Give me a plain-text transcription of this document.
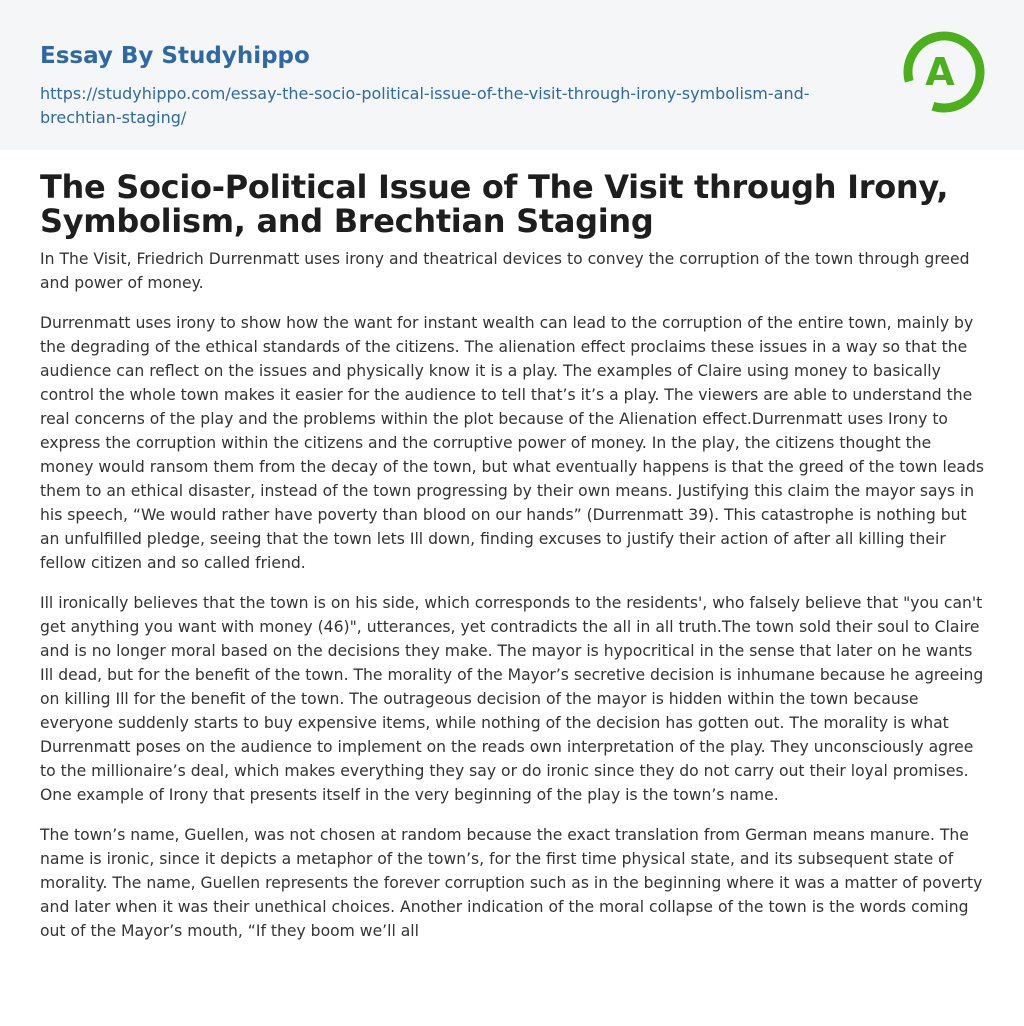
Essay By Studyhippo
https://studyhippo.com/essay-the-socio-political-issue-of-the-visit-through-irony-symbolism-and-brechtian-staging/
A
The Socio-Political Issue of The Visit through Irony, Symbolism, and Brechtian Staging

In The Visit, Friedrich Durrenmatt uses irony and theatrical devices to convey the corruption of the town through greed and power of money.

Durrenmatt uses irony to show how the want for instant wealth can lead to the corruption of the entire town, mainly by the degrading of the ethical standards of the citizens. The alienation effect proclaims these issues in a way so that the audience can reflect on the issues and physically know it is a play. The examples of Claire using money to basically control the whole town makes it easier for the audience to tell that’s it’s a play. The viewers are able to understand the real concerns of the play and the problems within the plot because of the Alienation effect.Durrenmatt uses Irony to express the corruption within the citizens and the corruptive power of money. In the play, the citizens thought the money would ransom them from the decay of the town, but what eventually happens is that the greed of the town leads them to an ethical disaster, instead of the town progressing by their own means. Justifying this claim the mayor says in his speech, “We would rather have poverty than blood on our hands” (Durrenmatt 39). This catastrophe is nothing but an unfulfilled pledge, seeing that the town lets Ill down, finding excuses to justify their action of after all killing their fellow citizen and so called friend.

Ill ironically believes that the town is on his side, which corresponds to the residents', who falsely believe that "you can't get anything you want with money (46)", utterances, yet contradicts the all in all truth.The town sold their soul to Claire and is no longer moral based on the decisions they make. The mayor is hypocritical in the sense that later on he wants Ill dead, but for the benefit of the town. The morality of the Mayor’s secretive decision is inhumane because he agreeing on killing Ill for the benefit of the town. The outrageous decision of the mayor is hidden within the town because everyone suddenly starts to buy expensive items, while nothing of the decision has gotten out. The morality is what Durrenmatt poses on the audience to implement on the reads own interpretation of the play. They unconsciously agree to the millionaire’s deal, which makes everything they say or do ironic since they do not carry out their loyal promises. One example of Irony that presents itself in the very beginning of the play is the town’s name.

The town’s name, Guellen, was not chosen at random because the exact translation from German means manure. The name is ironic, since it depicts a metaphor of the town’s, for the first time physical state, and its subsequent state of morality. The name, Guellen represents the forever corruption such as in the beginning where it was a matter of poverty and later when it was their unethical choices. Another indication of the moral collapse of the town is the words coming out of the Mayor’s mouth, “If they boom we’ll all
